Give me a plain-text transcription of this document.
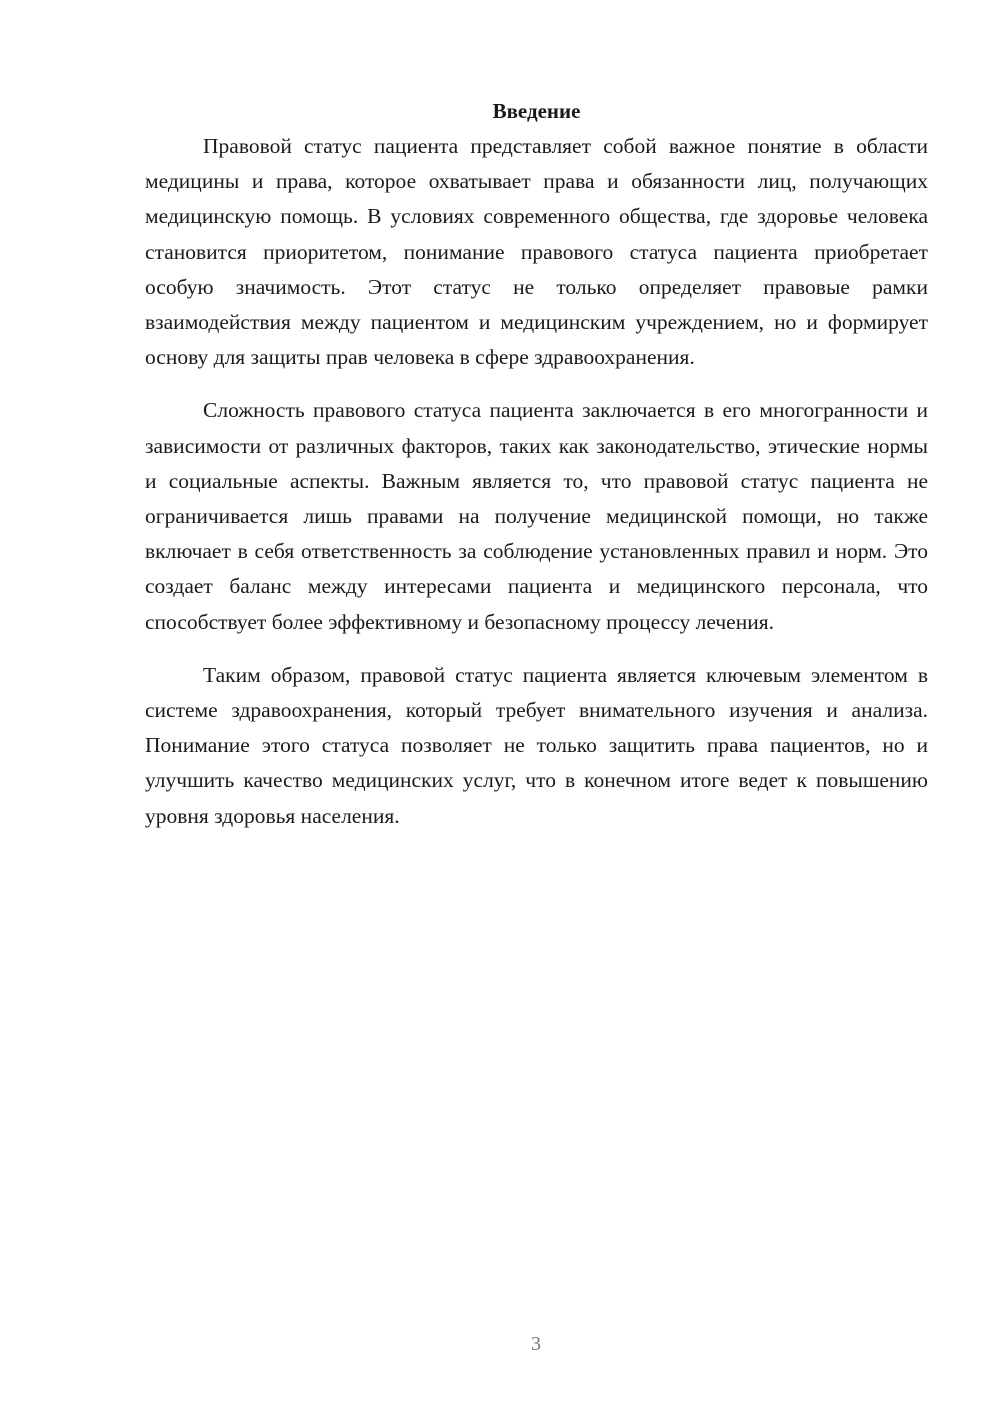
Введение

Правовой статус пациента представляет собой важное понятие в области медицины и права, которое охватывает права и обязанности лиц, получающих медицинскую помощь. В условиях современного общества, где здоровье человека становится приоритетом, понимание правового статуса пациента приобретает особую значимость. Этот статус не только определяет правовые рамки взаимодействия между пациентом и медицинским учреждением, но и формирует основу для защиты прав человека в сфере здравоохранения.

Сложность правового статуса пациента заключается в его многогранности и зависимости от различных факторов, таких как законодательство, этические нормы и социальные аспекты. Важным является то, что правовой статус пациента не ограничивается лишь правами на получение медицинской помощи, но также включает в себя ответственность за соблюдение установленных правил и норм. Это создает баланс между интересами пациента и медицинского персонала, что способствует более эффективному и безопасному процессу лечения.

Таким образом, правовой статус пациента является ключевым элементом в системе здравоохранения, который требует внимательного изучения и анализа. Понимание этого статуса позволяет не только защитить права пациентов, но и улучшить качество медицинских услуг, что в конечном итоге ведет к повышению уровня здоровья населения.

3
